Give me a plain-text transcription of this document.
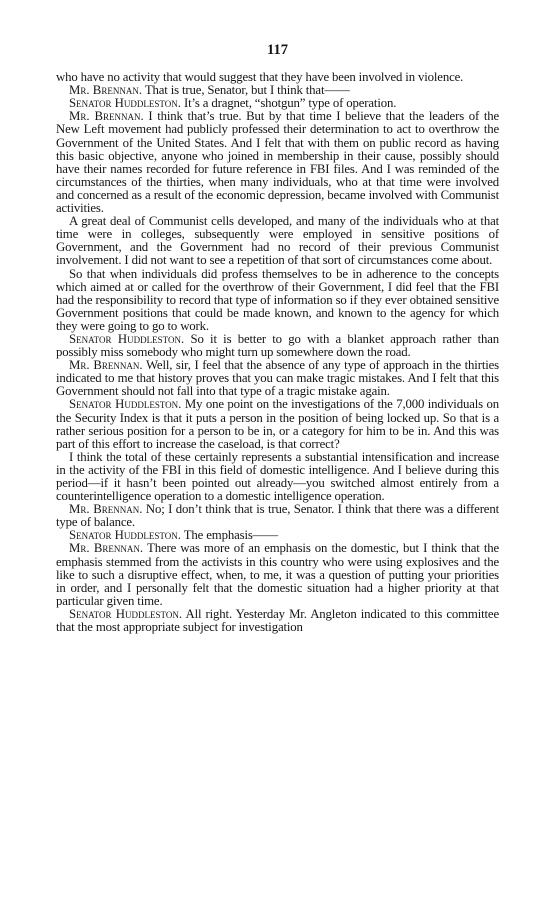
117

who have no activity that would suggest that they have been involved in violence.

Mr. Brennan. That is true, Senator, but I think that——

Senator Huddleston. It’s a dragnet, “shotgun” type of operation.

Mr. Brennan. I think that’s true. But by that time I believe that the leaders of the New Left movement had publicly professed their determination to act to overthrow the Government of the United States. And I felt that with them on public record as having this basic objective, anyone who joined in membership in their cause, possibly should have their names recorded for future reference in FBI files. And I was reminded of the circumstances of the thirties, when many individuals, who at that time were involved and concerned as a result of the economic depression, became involved with Communist activities.

A great deal of Communist cells developed, and many of the individuals who at that time were in colleges, subsequently were employed in sensitive positions of Government, and the Government had no record of their previous Communist involvement. I did not want to see a repetition of that sort of circumstances come about.

So that when individuals did profess themselves to be in adherence to the concepts which aimed at or called for the overthrow of their Government, I did feel that the FBI had the responsibility to record that type of information so if they ever obtained sensitive Government positions that could be made known, and known to the agency for which they were going to go to work.

Senator Huddleston. So it is better to go with a blanket approach rather than possibly miss somebody who might turn up somewhere down the road.

Mr. Brennan. Well, sir, I feel that the absence of any type of approach in the thirties indicated to me that history proves that you can make tragic mistakes. And I felt that this Government should not fall into that type of a tragic mistake again.

Senator Huddleston. My one point on the investigations of the 7,000 individuals on the Security Index is that it puts a person in the position of being locked up. So that is a rather serious position for a person to be in, or a category for him to be in. And this was part of this effort to increase the caseload, is that correct?

I think the total of these certainly represents a substantial intensification and increase in the activity of the FBI in this field of domestic intelligence. And I believe during this period—if it hasn’t been pointed out already—you switched almost entirely from a counterintelligence operation to a domestic intelligence operation.

Mr. Brennan. No; I don’t think that is true, Senator. I think that there was a different type of balance.

Senator Huddleston. The emphasis——

Mr. Brennan. There was more of an emphasis on the domestic, but I think that the emphasis stemmed from the activists in this country who were using explosives and the like to such a disruptive effect, when, to me, it was a question of putting your priorities in order, and I personally felt that the domestic situation had a higher priority at that particular given time.

Senator Huddleston. All right. Yesterday Mr. Angleton indicated to this committee that the most appropriate subject for investigation
